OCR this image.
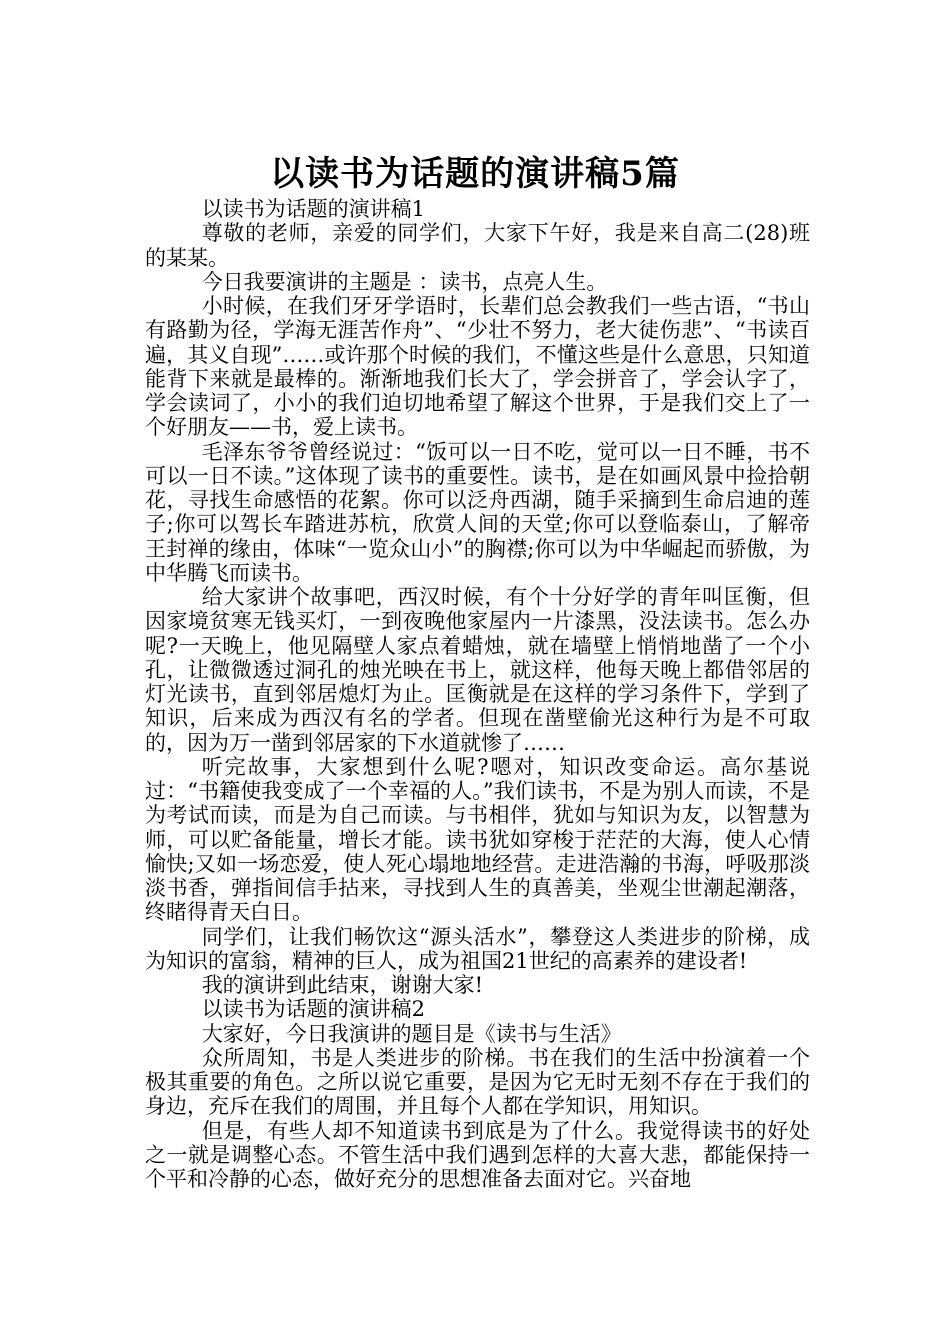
以读书为话题的演讲稿5篇

以读书为话题的演讲稿1

尊敬的老师，亲爱的同学们，大家下午好，我是来自高二(28)班的某某。

今日我要演讲的主题是 ：读书，点亮人生。

小时候，在我们牙牙学语时，长辈们总会教我们一些古语，“书山有路勤为径，学海无涯苦作舟”、“少壮不努力，老大徒伤悲”、“书读百遍，其义自现”……或许那个时候的我们，不懂这些是什么意思，只知道能背下来就是最棒的。渐渐地我们长大了，学会拼音了，学会认字了，学会读词了，小小的我们迫切地希望了解这个世界，于是我们交上了一个好朋友——书，爱上读书。

毛泽东爷爷曾经说过：“饭可以一日不吃，觉可以一日不睡，书不可以一日不读。”这体现了读书的重要性。读书，是在如画风景中捡拾朝花，寻找生命感悟的花絮。你可以泛舟西湖，随手采摘到生命启迪的莲子;你可以驾长车踏进苏杭，欣赏人间的天堂;你可以登临泰山，了解帝王封禅的缘由，体味“一览众山小”的胸襟;你可以为中华崛起而骄傲，为中华腾飞而读书。

给大家讲个故事吧，西汉时候，有个十分好学的青年叫匡衡，但因家境贫寒无钱买灯，一到夜晚他家屋内一片漆黑，没法读书。怎么办呢?一天晚上，他见隔壁人家点着蜡烛，就在墙壁上悄悄地凿了一个小孔，让微微透过洞孔的烛光映在书上，就这样，他每天晚上都借邻居的灯光读书，直到邻居熄灯为止。匡衡就是在这样的学习条件下，学到了知识，后来成为西汉有名的学者。但现在凿壁偷光这种行为是不可取的，因为万一凿到邻居家的下水道就惨了……

听完故事，大家想到什么呢?嗯对，知识改变命运。高尔基说过：“书籍使我变成了一个幸福的人。”我们读书，不是为别人而读，不是为考试而读，而是为自己而读。与书相伴，犹如与知识为友，以智慧为师，可以贮备能量，增长才能。读书犹如穿梭于茫茫的大海，使人心情愉快;又如一场恋爱，使人死心塌地地经营。走进浩瀚的书海，呼吸那淡淡书香，弹指间信手拈来，寻找到人生的真善美，坐观尘世潮起潮落，终睹得青天白日。

同学们，让我们畅饮这“源头活水”，攀登这人类进步的阶梯，成为知识的富翁，精神的巨人，成为祖国21世纪的高素养的建设者!

我的演讲到此结束，谢谢大家!

以读书为话题的演讲稿2

大家好，今日我演讲的题目是《读书与生活》

众所周知，书是人类进步的阶梯。书在我们的生活中扮演着一个极其重要的角色。之所以说它重要，是因为它无时无刻不存在于我们的身边，充斥在我们的周围，并且每个人都在学知识，用知识。

但是，有些人却不知道读书到底是为了什么。我觉得读书的好处之一就是调整心态。不管生活中我们遇到怎样的大喜大悲，都能保持一个平和冷静的心态，做好充分的思想准备去面对它。兴奋地
